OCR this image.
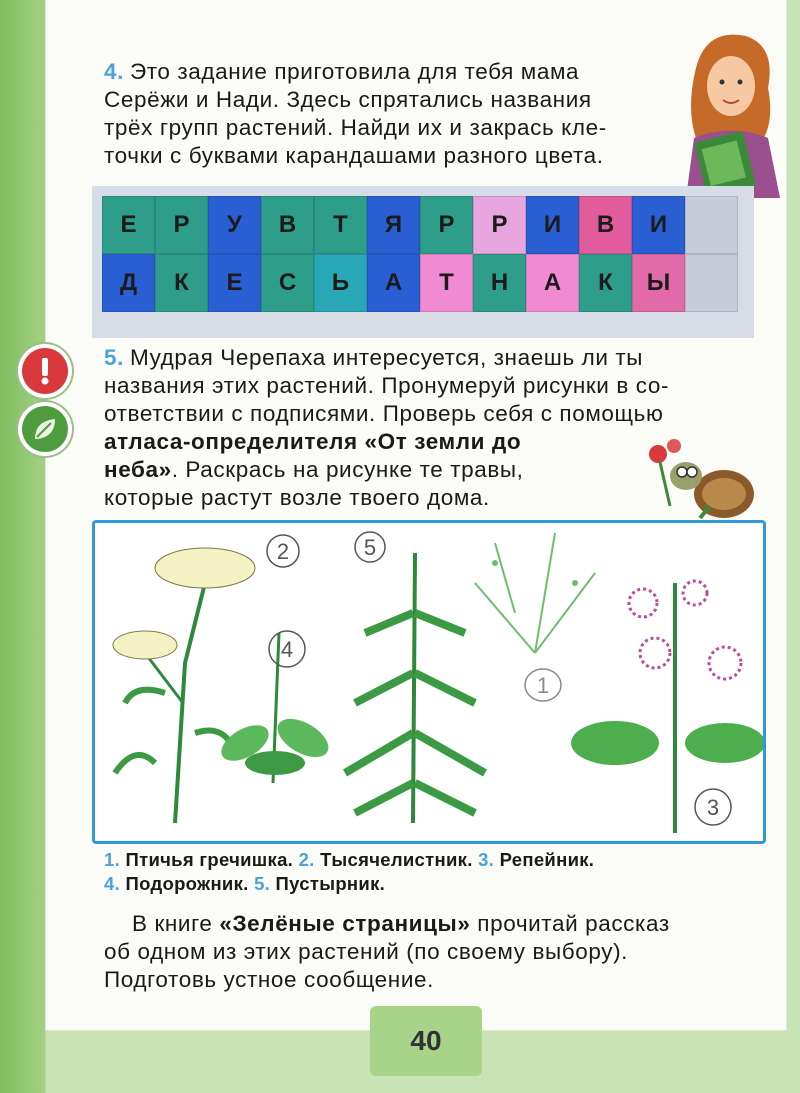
4. Это задание приготовила для тебя мама
Серёжи и Нади. Здесь спрятались названия
трёх групп растений. Найди их и закрась кле-
точки с буквами карандашами разного цвета.
Е	Р	У	В	Т	Я	Р	Р	И	В	И
Д	К	Е	С	Ь	А	Т	Н	А	К	Ы
5. Мудрая Черепаха интересуется, знаешь ли ты
названия этих растений. Пронумеруй рисунки в со-
ответствии с подписями. Проверь себя с помощью
атласа-определителя «От земли до
неба». Раскрась на рисунке те травы,
которые растут возле твоего дома.
2	5
4
1
3
1. Птичья гречишка. 2. Тысячелистник. 3. Репейник.
4. Подорожник. 5. Пустырник.
В книге «Зелёные страницы» прочитай рассказ
об одном из этих растений (по своему выбору).
Подготовь устное сообщение.
40
